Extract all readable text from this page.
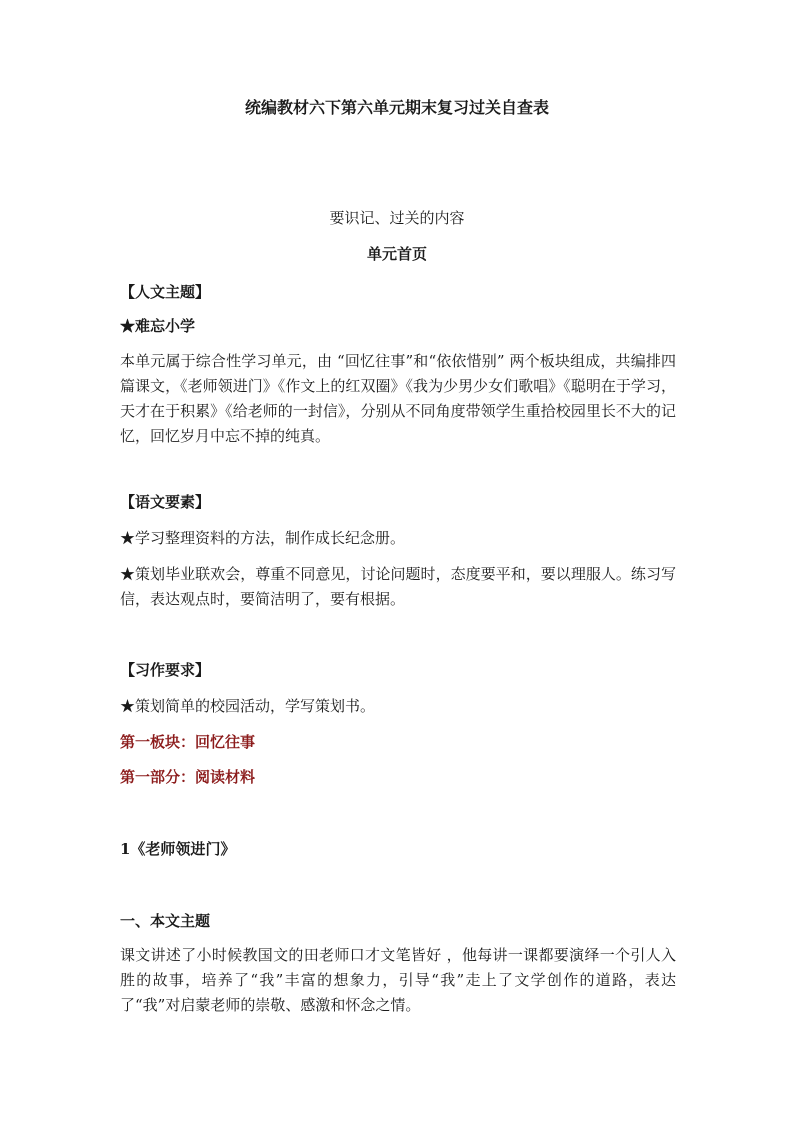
统编教材六下第六单元期末复习过关自查表
要识记、过关的内容
单元首页
【人文主题】
★难忘小学
本单元属于综合性学习单元，由 “回忆往事”和“依依惜别” 两个板块组成，共编排四篇课文，《老师领进门》《作文上的红双圈》《我为少男少女们歌唱》《聪明在于学习，天才在于积累》《给老师的一封信》，分别从不同角度带领学生重拾校园里长不大的记忆，回忆岁月中忘不掉的纯真。
【语文要素】
★学习整理资料的方法，制作成长纪念册。
★策划毕业联欢会，尊重不同意见，讨论问题时，态度要平和，要以理服人。练习写信，表达观点时，要简洁明了，要有根据。
【习作要求】
★策划简单的校园活动，学写策划书。
第一板块：回忆往事
第一部分：阅读材料
1《老师领进门》
一、本文主题
课文讲述了小时候教国文的田老师口才文笔皆好 ，他每讲一课都要演绎一个引人入胜的故事，培养了“我”丰富的想象力，引导“我”走上了文学创作的道路，表达了“我”对启蒙老师的崇敬、感激和怀念之情。
